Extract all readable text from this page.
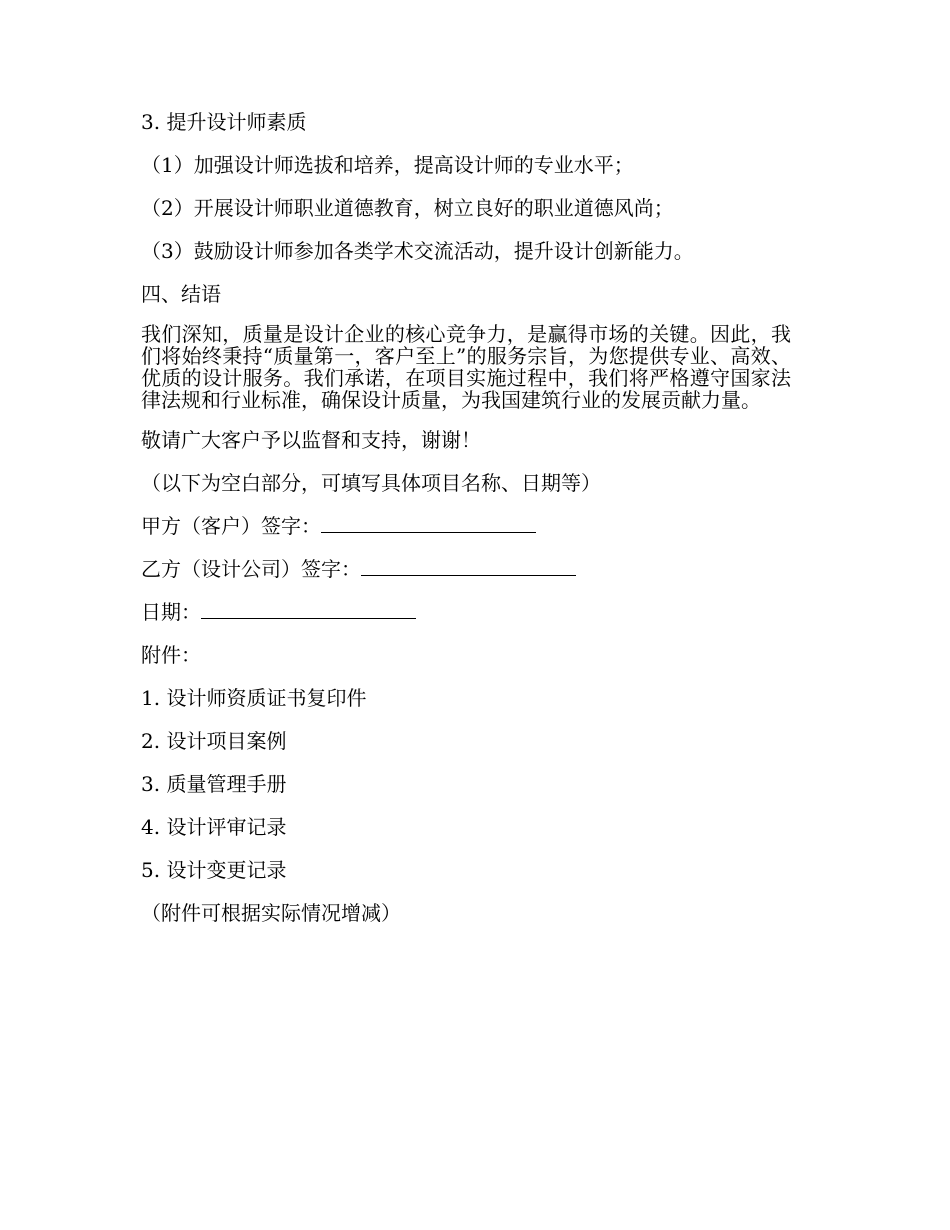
3. 提升设计师素质

（1）加强设计师选拔和培养，提高设计师的专业水平；

（2）开展设计师职业道德教育，树立良好的职业道德风尚；

（3）鼓励设计师参加各类学术交流活动，提升设计创新能力。

四、结语

我们深知，质量是设计企业的核心竞争力，是赢得市场的关键。因此，我们将始终秉持“质量第一，客户至上”的服务宗旨，为您提供专业、高效、优质的设计服务。我们承诺，在项目实施过程中，我们将严格遵守国家法律法规和行业标准，确保设计质量，为我国建筑行业的发展贡献力量。

敬请广大客户予以监督和支持，谢谢！

（以下为空白部分，可填写具体项目名称、日期等）

甲方（客户）签字：

乙方（设计公司）签字：

日期：

附件：

1. 设计师资质证书复印件

2. 设计项目案例

3. 质量管理手册

4. 设计评审记录

5. 设计变更记录

（附件可根据实际情况增减）
